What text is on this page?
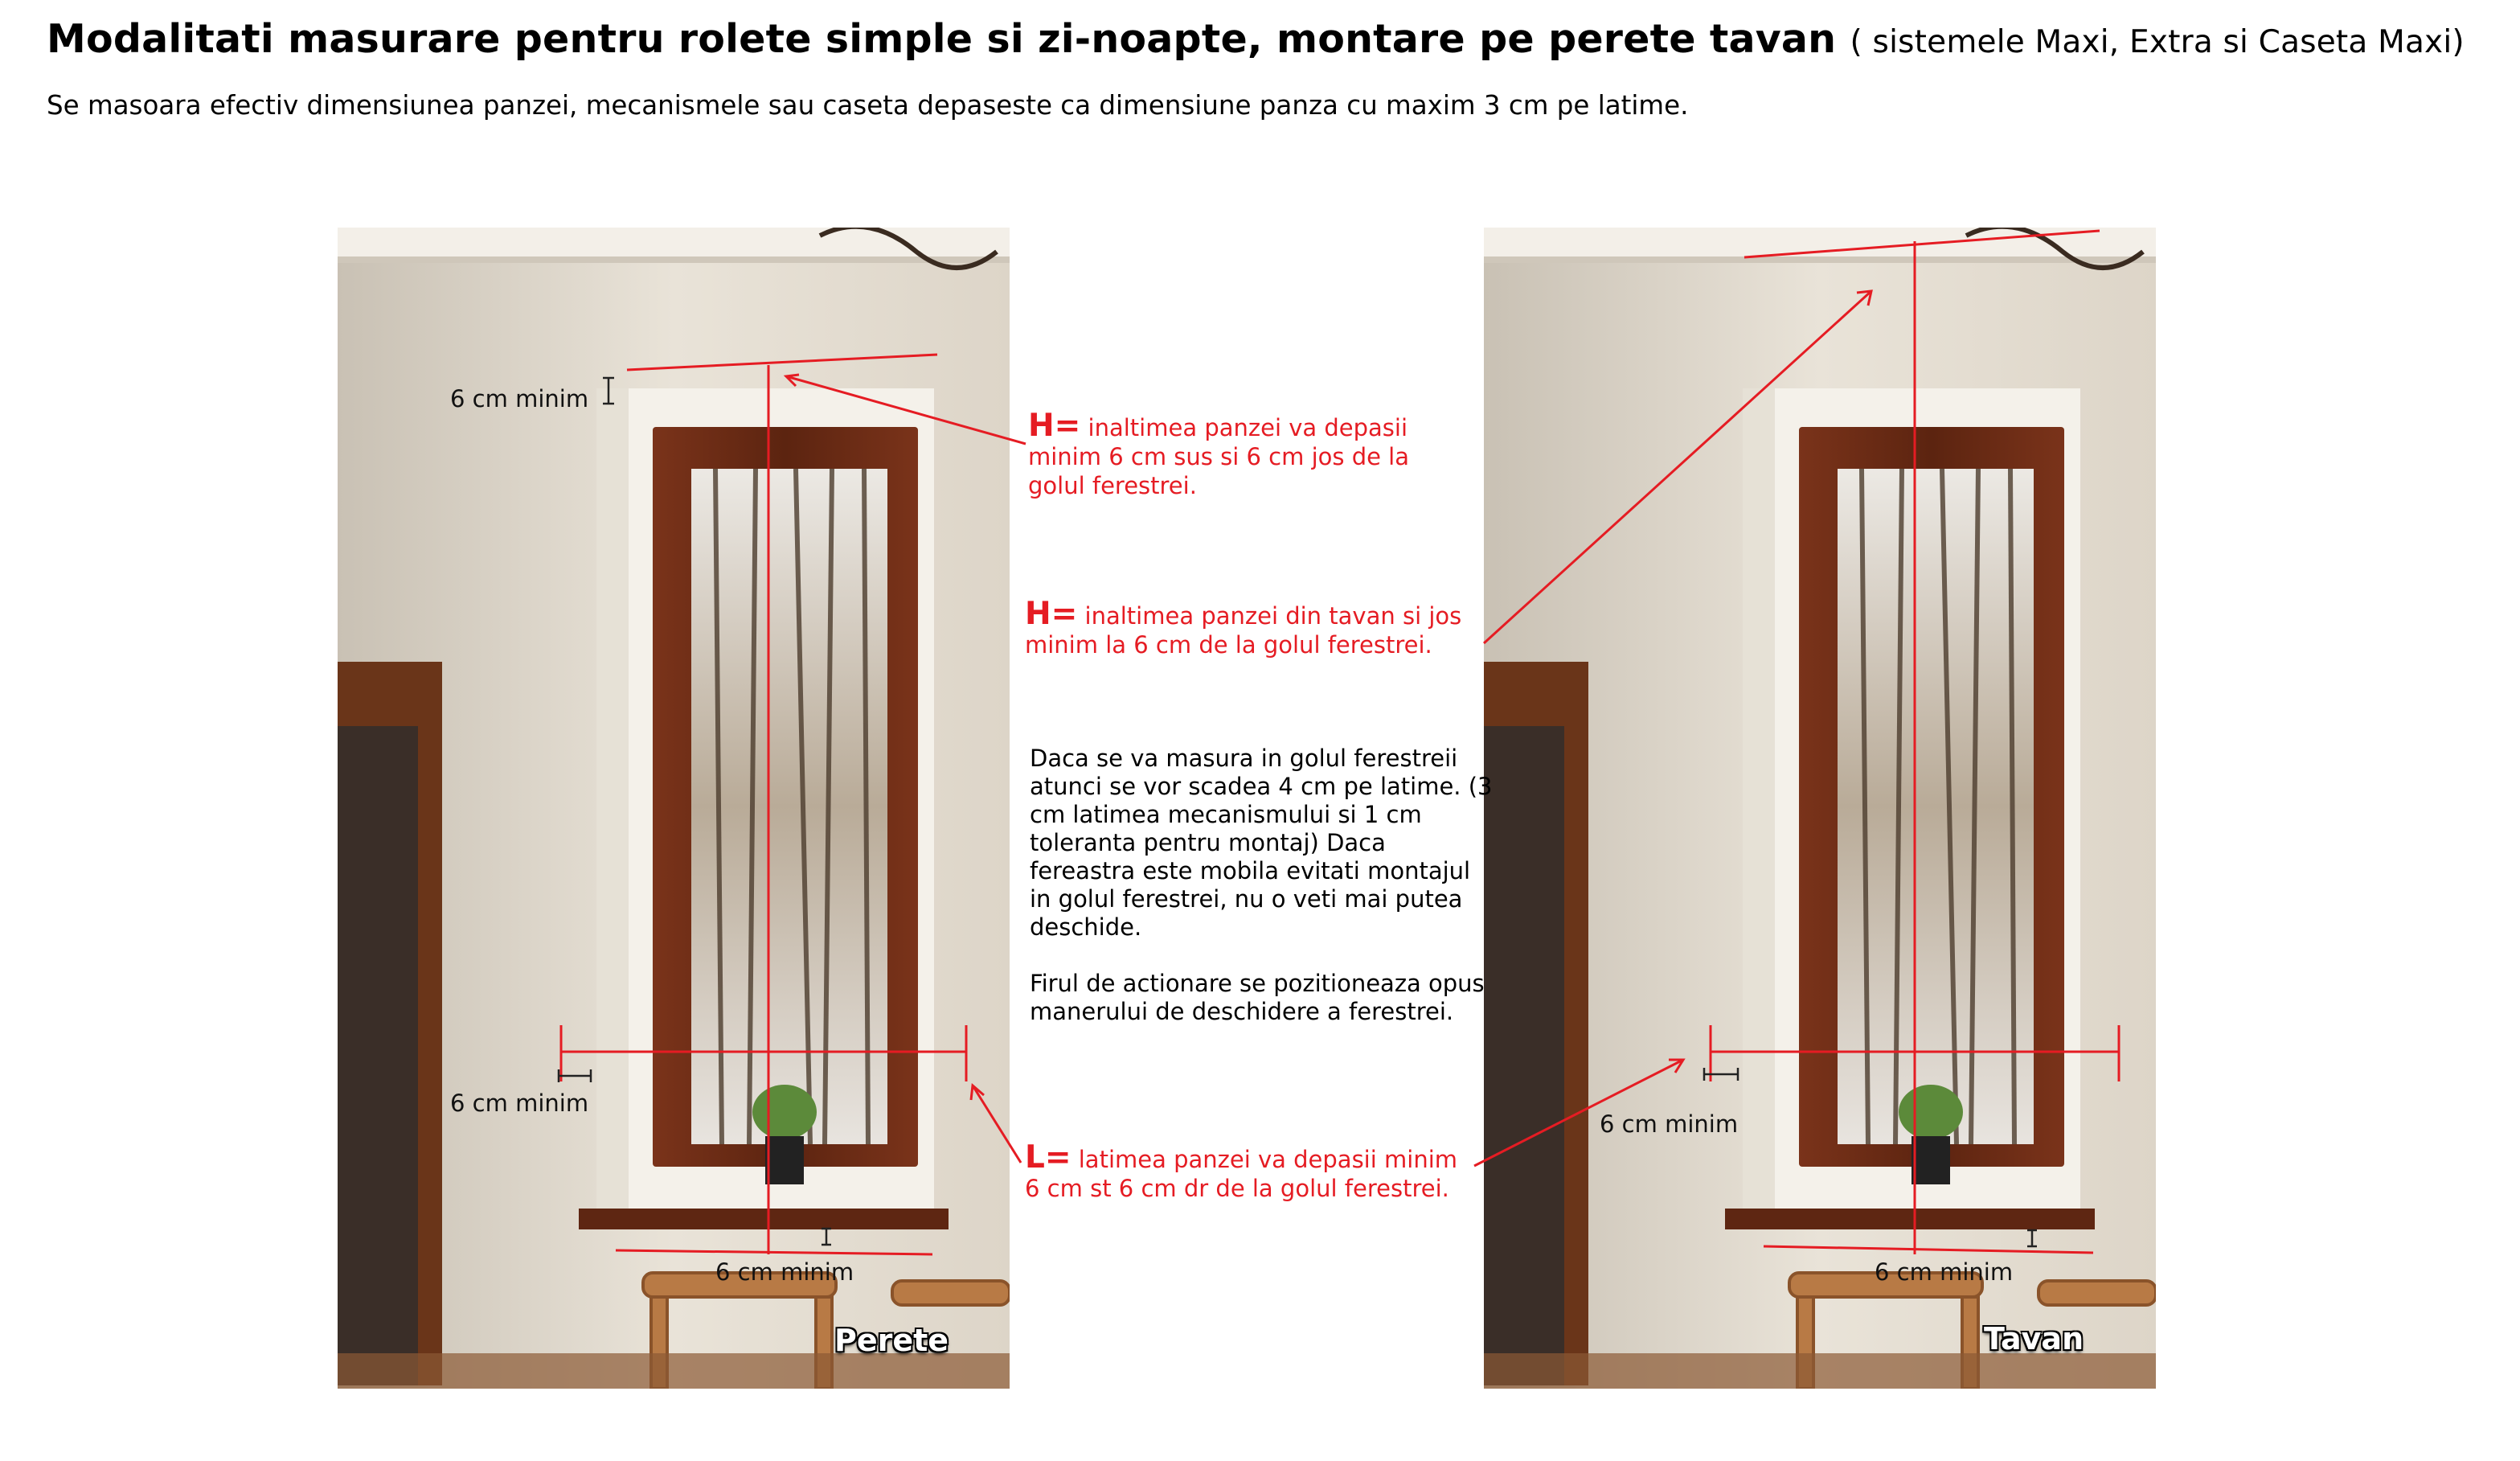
Modalitati masurare pentru rolete simple si zi-noapte, montare pe perete tavan ( sistemele Maxi, Extra si Caseta Maxi)
Se masoara efectiv dimensiunea panzei, mecanismele sau caseta depaseste ca dimensiune panza cu maxim 3 cm pe latime.
6 cm minim
6 cm minim
6 cm minim
Perete
6 cm minim
6 cm minim
Tavan
H= inaltimea panzei va depasii minim 6 cm sus si 6 cm jos de la golul ferestrei.
H= inaltimea panzei din tavan si jos minim la 6 cm de la golul ferestrei.
L= latimea panzei va depasii minim 6 cm st 6 cm dr de la golul ferestrei.

Daca se va masura in golul ferestreii atunci se vor scadea 4 cm pe latime. (3 cm latimea mecanismului si 1 cm toleranta pentru montaj) Daca fereastra este mobila evitati montajul in golul ferestrei, nu o veti mai putea deschide.

Firul de actionare se pozitioneaza opus manerului de deschidere a ferestrei.
